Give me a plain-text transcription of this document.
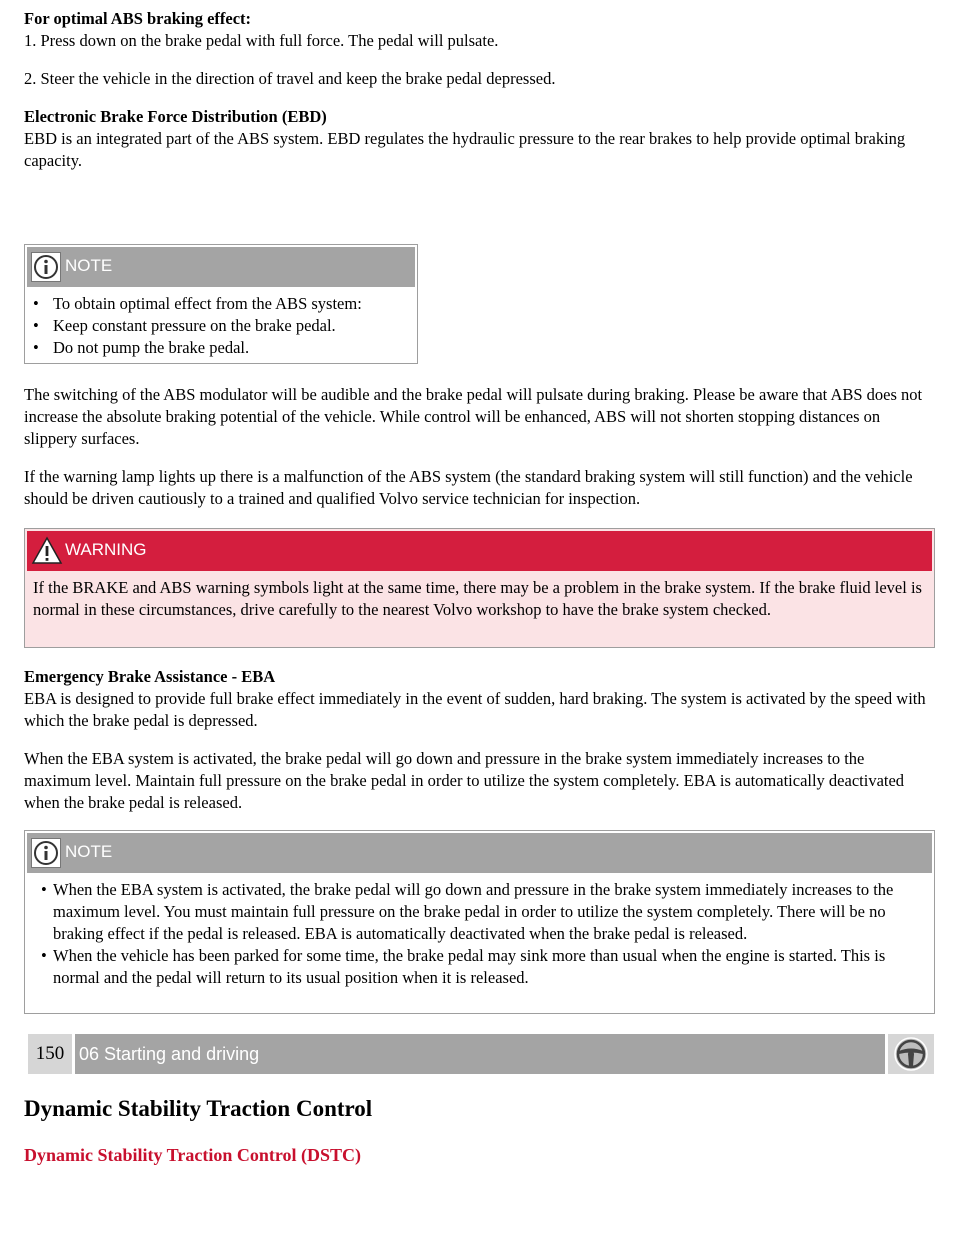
For optimal ABS braking effect:

1. Press down on the brake pedal with full force. The pedal will pulsate.

2. Steer the vehicle in the direction of travel and keep the brake pedal depressed.

Electronic Brake Force Distribution (EBD)

EBD is an integrated part of the ABS system. EBD regulates the hydraulic pressure to the rear brakes to help provide optimal braking capacity.

NOTE
• To obtain optimal effect from the ABS system:
• Keep constant pressure on the brake pedal.
• Do not pump the brake pedal.

The switching of the ABS modulator will be audible and the brake pedal will pulsate during braking. Please be aware that ABS does not increase the absolute braking potential of the vehicle. While control will be enhanced, ABS will not shorten stopping distances on slippery surfaces.

If the warning lamp lights up there is a malfunction of the ABS system (the standard braking system will still function) and the vehicle should be driven cautiously to a trained and qualified Volvo service technician for inspection.

WARNING

If the BRAKE and ABS warning symbols light at the same time, there may be a problem in the brake system. If the brake fluid level is normal in these circumstances, drive carefully to the nearest Volvo workshop to have the brake system checked.

Emergency Brake Assistance - EBA

EBA is designed to provide full brake effect immediately in the event of sudden, hard braking. The system is activated by the speed with which the brake pedal is depressed.

When the EBA system is activated, the brake pedal will go down and pressure in the brake system immediately increases to the maximum level. Maintain full pressure on the brake pedal in order to utilize the system completely. EBA is automatically deactivated when the brake pedal is released.

NOTE
• When the EBA system is activated, the brake pedal will go down and pressure in the brake system immediately increases to the maximum level. You must maintain full pressure on the brake pedal in order to utilize the system completely. There will be no braking effect if the pedal is released. EBA is automatically deactivated when the brake pedal is released.
• When the vehicle has been parked for some time, the brake pedal may sink more than usual when the engine is started. This is normal and the pedal will return to its usual position when it is released.
150 06 Starting and driving
Dynamic Stability Traction Control
Dynamic Stability Traction Control (DSTC)
